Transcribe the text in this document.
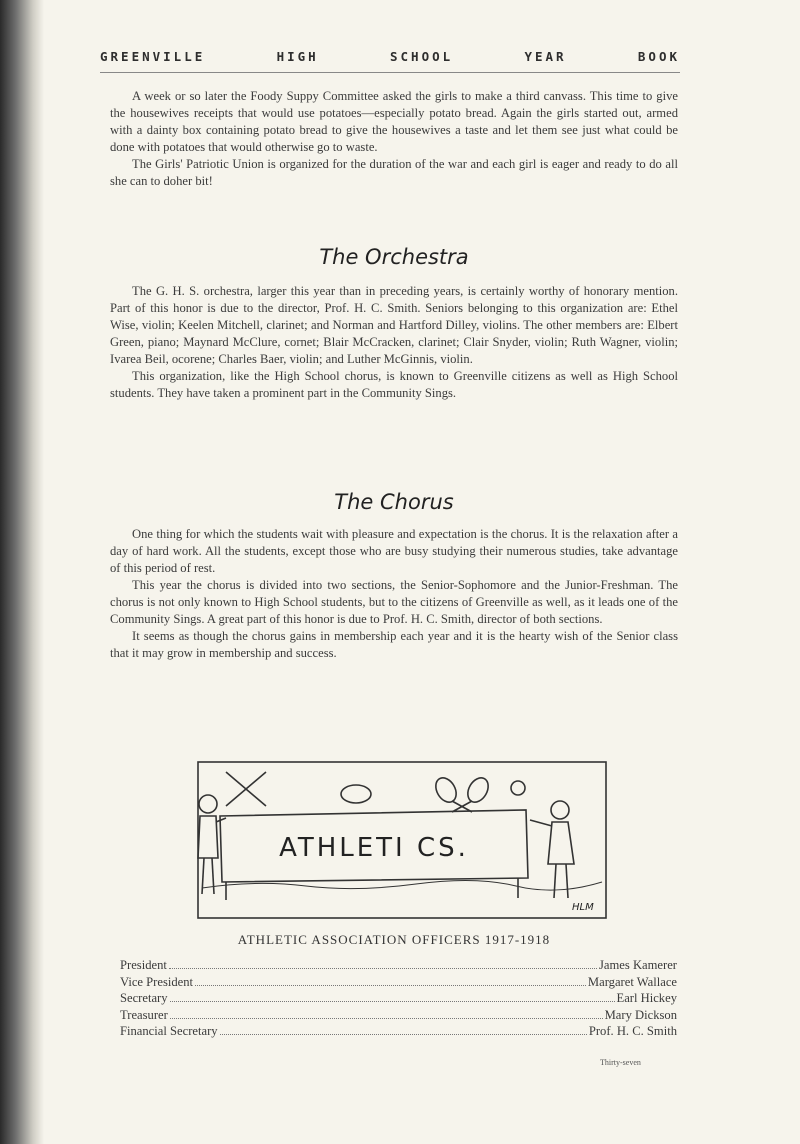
GREENVILLE	HIGH	SCHOOL	YEAR	BOOK

A week or so later the Foody Suppy Committee asked the girls to make a third canvass. This time to give the housewives receipts that would use potatoes—especially potato bread. Again the girls started out, armed with a dainty box containing potato bread to give the housewives a taste and let them see just what could be done with potatoes that would otherwise go to waste.

The Girls' Patriotic Union is organized for the duration of the war and each girl is eager and ready to do all she can to doher bit!

The Orchestra

The G. H. S. orchestra, larger this year than in preceding years, is certainly worthy of honorary mention. Part of this honor is due to the director, Prof. H. C. Smith. Seniors belonging to this organization are: Ethel Wise, violin; Keelen Mitchell, clarinet; and Norman and Hartford Dilley, violins. The other members are: Elbert Green, piano; Maynard McClure, cornet; Blair McCracken, clarinet; Clair Snyder, violin; Ruth Wagner, violin; Ivarea Beil, ocorene; Charles Baer, violin; and Luther McGinnis, violin.

This organization, like the High School chorus, is known to Greenville citizens as well as High School students. They have taken a prominent part in the Community Sings.

The Chorus

One thing for which the students wait with pleasure and expectation is the chorus. It is the relaxation after a day of hard work. All the students, except those who are busy studying their numerous studies, take advantage of this period of rest.

This year the chorus is divided into two sections, the Senior-Sophomore and the Junior-Freshman. The chorus is not only known to High School students, but to the citizens of Greenville as well, as it leads one of the Community Sings. A great part of this honor is due to Prof. H. C. Smith, director of both sections.

It seems as though the chorus gains in membership each year and it is the hearty wish of the Senior class that it may grow in membership and success.

ATHLETI CS.
HLM
ATHLETIC ASSOCIATION OFFICERS 1917-1918
President	James Kamerer
Vice President	Margaret Wallace
Secretary	Earl Hickey
Treasurer	Mary Dickson
Financial Secretary	Prof. H. C. Smith
Thirty-seven
